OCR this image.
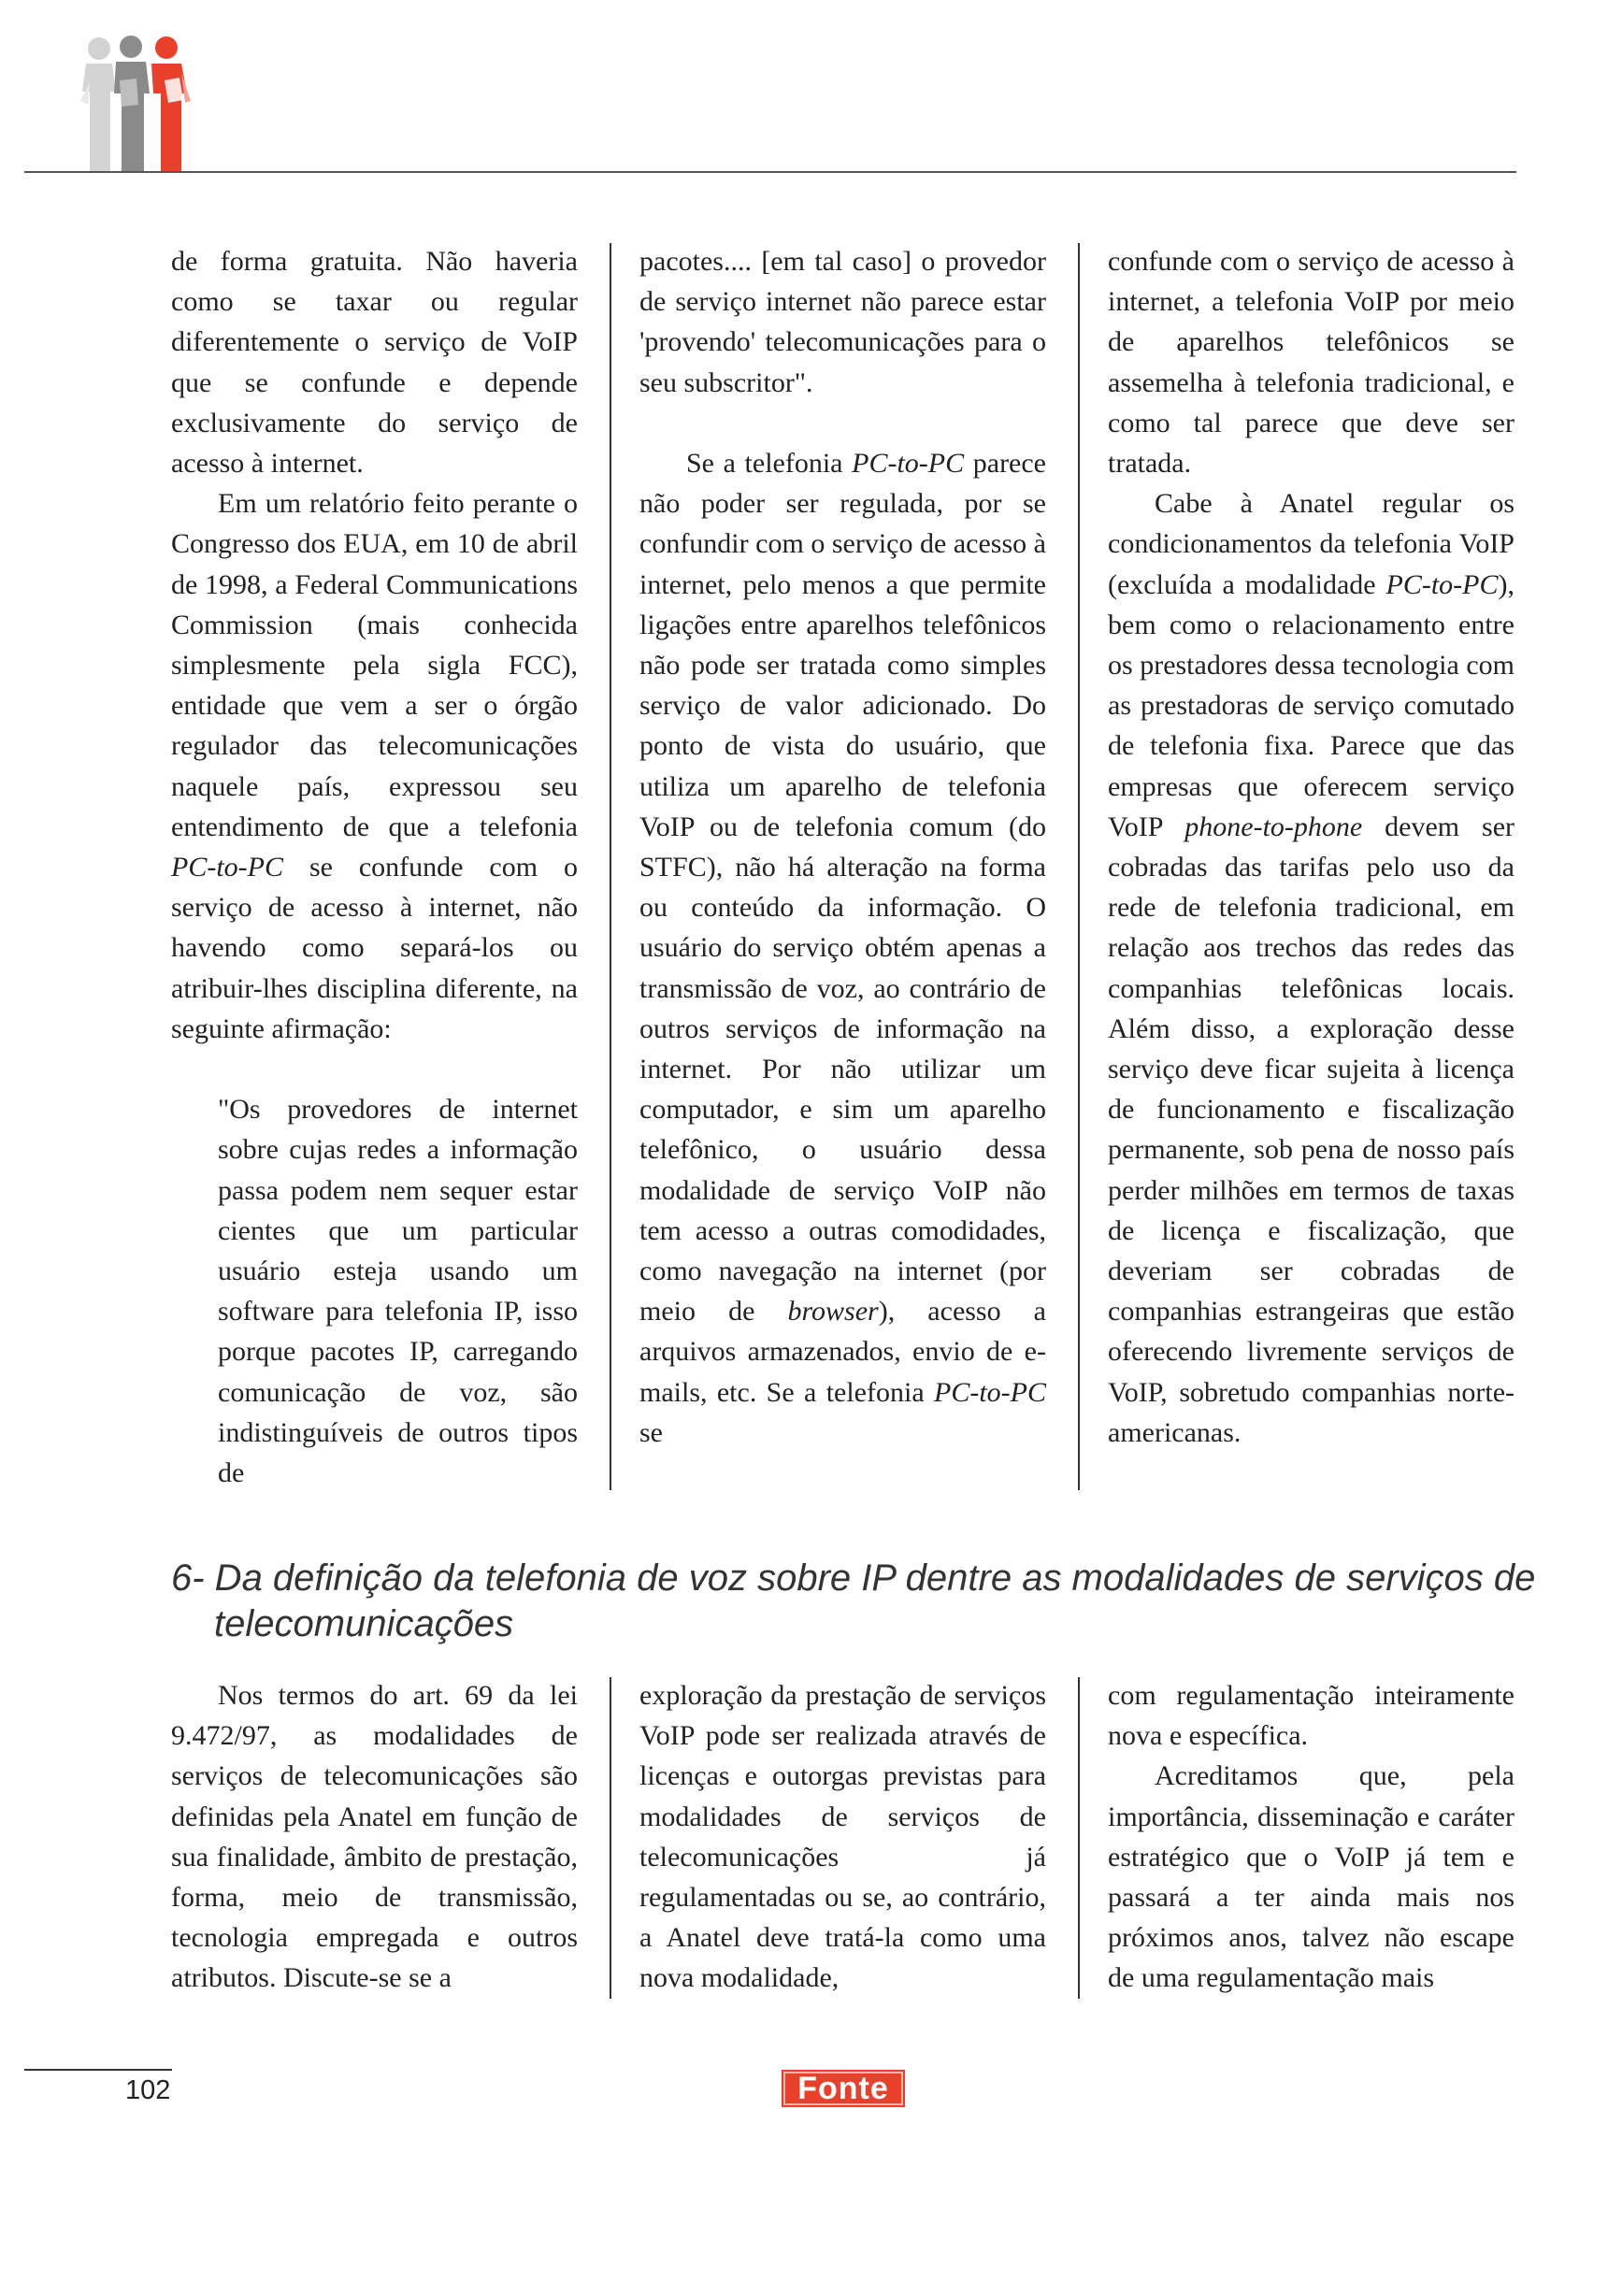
de forma gratuita. Não haveria como se taxar ou regular diferentemente o serviço de VoIP que se confunde e depende exclusivamente do serviço de acesso à internet.

Em um relatório feito perante o Congresso dos EUA, em 10 de abril de 1998, a Federal Communications Commission (mais conhecida simplesmente pela sigla FCC), entidade que vem a ser o órgão regulador das telecomunicações naquele país, expressou seu entendimento de que a telefonia PC-to-PC se confunde com o serviço de acesso à internet, não havendo como separá-los ou atribuir-lhes disciplina diferente, na seguinte afirmação:

"Os provedores de internet sobre cujas redes a informação passa podem nem sequer estar cientes que um particular usuário esteja usando um software para telefonia IP, isso porque pacotes IP, carregando comunicação de voz, são indistinguíveis de outros tipos de

pacotes.... [em tal caso] o provedor de serviço internet não parece estar 'provendo' telecomunicações para o seu subscritor".

Se a telefonia PC-to-PC parece não poder ser regulada, por se confundir com o serviço de acesso à internet, pelo menos a que permite ligações entre aparelhos telefônicos não pode ser tratada como simples serviço de valor adicionado. Do ponto de vista do usuário, que utiliza um aparelho de telefonia VoIP ou de telefonia comum (do STFC), não há alteração na forma ou conteúdo da informação. O usuário do serviço obtém apenas a transmissão de voz, ao contrário de outros serviços de informação na internet. Por não utilizar um computador, e sim um aparelho telefônico, o usuário dessa modalidade de serviço VoIP não tem acesso a outras comodidades, como navegação na internet (por meio de browser), acesso a arquivos armazenados, envio de e-mails, etc. Se a telefonia PC-to-PC se

confunde com o serviço de acesso à internet, a telefonia VoIP por meio de aparelhos telefônicos se assemelha à telefonia tradicional, e como tal parece que deve ser tratada.

Cabe à Anatel regular os condicionamentos da telefonia VoIP (excluída a modalidade PC-to-PC), bem como o relacionamento entre os prestadores dessa tecnologia com as prestadoras de serviço comutado de telefonia fixa. Parece que das empresas que oferecem serviço VoIP phone-to-phone devem ser cobradas das tarifas pelo uso da rede de telefonia tradicional, em relação aos trechos das redes das companhias telefônicas locais. Além disso, a exploração desse serviço deve ficar sujeita à licença de funcionamento e fiscalização permanente, sob pena de nosso país perder milhões em termos de taxas de licença e fiscalização, que deveriam ser cobradas de companhias estrangeiras que estão oferecendo livremente serviços de VoIP, sobretudo companhias norte-americanas.

6- Da definição da telefonia de voz sobre IP dentre as modalidades de serviços de telecomunicações

Nos termos do art. 69 da lei 9.472/97, as modalidades de serviços de telecomunicações são definidas pela Anatel em função de sua finalidade, âmbito de prestação, forma, meio de transmissão, tecnologia empregada e outros atributos. Discute-se se a

exploração da prestação de serviços VoIP pode ser realizada através de licenças e outorgas previstas para modalidades de serviços de telecomunicações já regulamentadas ou se, ao contrário, a Anatel deve tratá-la como uma nova modalidade,

com regulamentação inteiramente nova e específica.

Acreditamos que, pela importância, disseminação e caráter estratégico que o VoIP já tem e passará a ter ainda mais nos próximos anos, talvez não escape de uma regulamentação mais

102	Fonte
